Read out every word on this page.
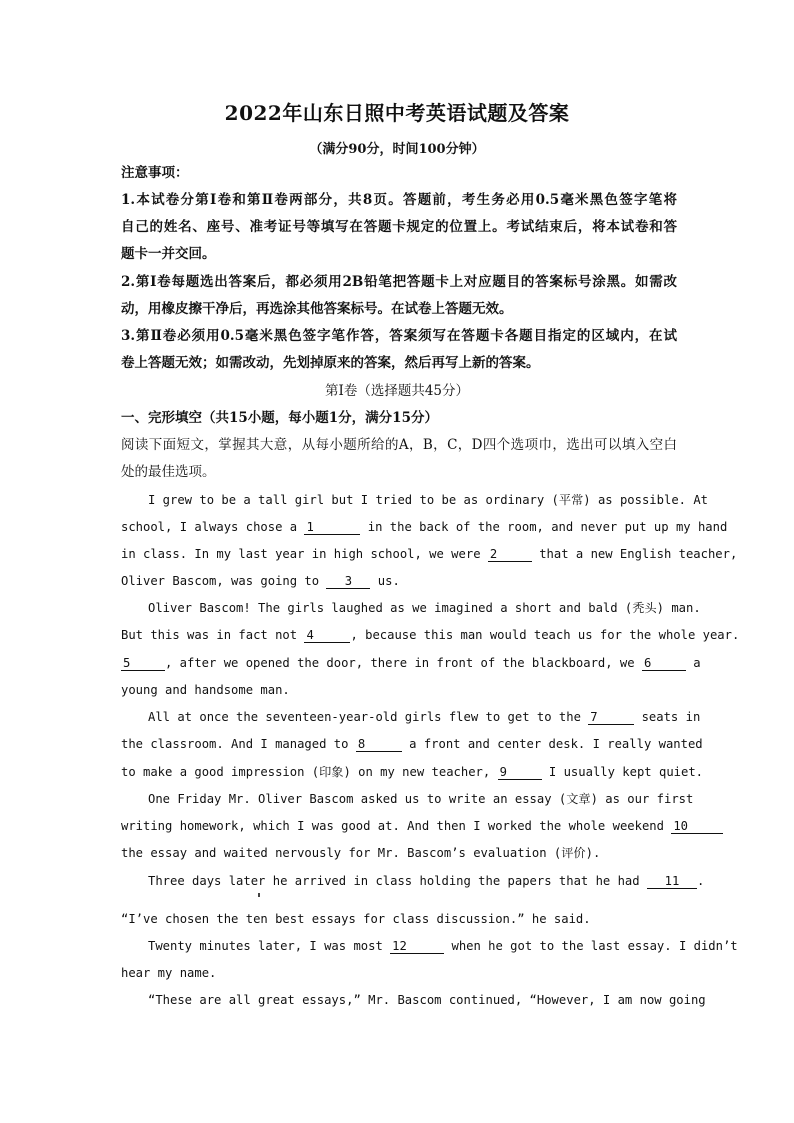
2022年山东日照中考英语试题及答案
（满分90分，时间100分钟）
注意事项：
1.本试卷分第Ⅰ卷和第Ⅱ卷两部分，共8页。答题前，考生务必用0.5毫米黑色签字笔将
自己的姓名、座号、准考证号等填写在答题卡规定的位置上。考试结束后，将本试卷和答
题卡一并交回。
2.第Ⅰ卷每题选出答案后，都必须用2B铅笔把答题卡上对应题目的答案标号涂黑。如需改
动，用橡皮擦干净后，再选涂其他答案标号。在试卷上答题无效。
3.第Ⅱ卷必须用0.5毫米黑色签字笔作答，答案须写在答题卡各题目指定的区域内，在试
卷上答题无效；如需改动，先划掉原来的答案，然后再写上新的答案。
第Ⅰ卷（选择题共45分）
一、完形填空（共15小题，每小题1分，满分15分）
阅读下面短文，掌握其大意，从每小题所给的A，B，C，D四个选项巾，选出可以填入空白
处的最佳选项。
I grew to be a tall girl but I tried to be as ordinary (平常) as possible. At
school, I always chose a 1	in the back of the room, and never put up my hand
in class. In my last year in high school, we were 2	that a new English teacher,
Oliver Bascom, was going to 3 us.
Oliver Bascom! The girls laughed as we imagined a short and bald (秃头) man.
But this was in fact not 4	, because this man would teach us for the whole year.
5	, after we opened the door, there in front of the blackboard, we 6	a
young and handsome man.
All at once the seventeen-year-old girls flew to get to the 7	seats in
the classroom. And I managed to 8	a front and center desk. I really wanted
to make a good impression (印象) on my new teacher, 9	I usually kept quiet.
One Friday Mr. Oliver Bascom asked us to write an essay (文章) as our first
writing homework, which I was good at. And then I worked the whole weekend 10
the essay and waited nervously for Mr. Bascom’s evaluation (评价).
Three days later he arrived in class holding the papers that he had 11 .
“I’ve chosen the ten best essays for class discussion.” he said.
Twenty minutes later, I was most 12	when he got to the last essay. I didn’t
hear my name.
“These are all great essays,” Mr. Bascom continued, “However, I am now going
